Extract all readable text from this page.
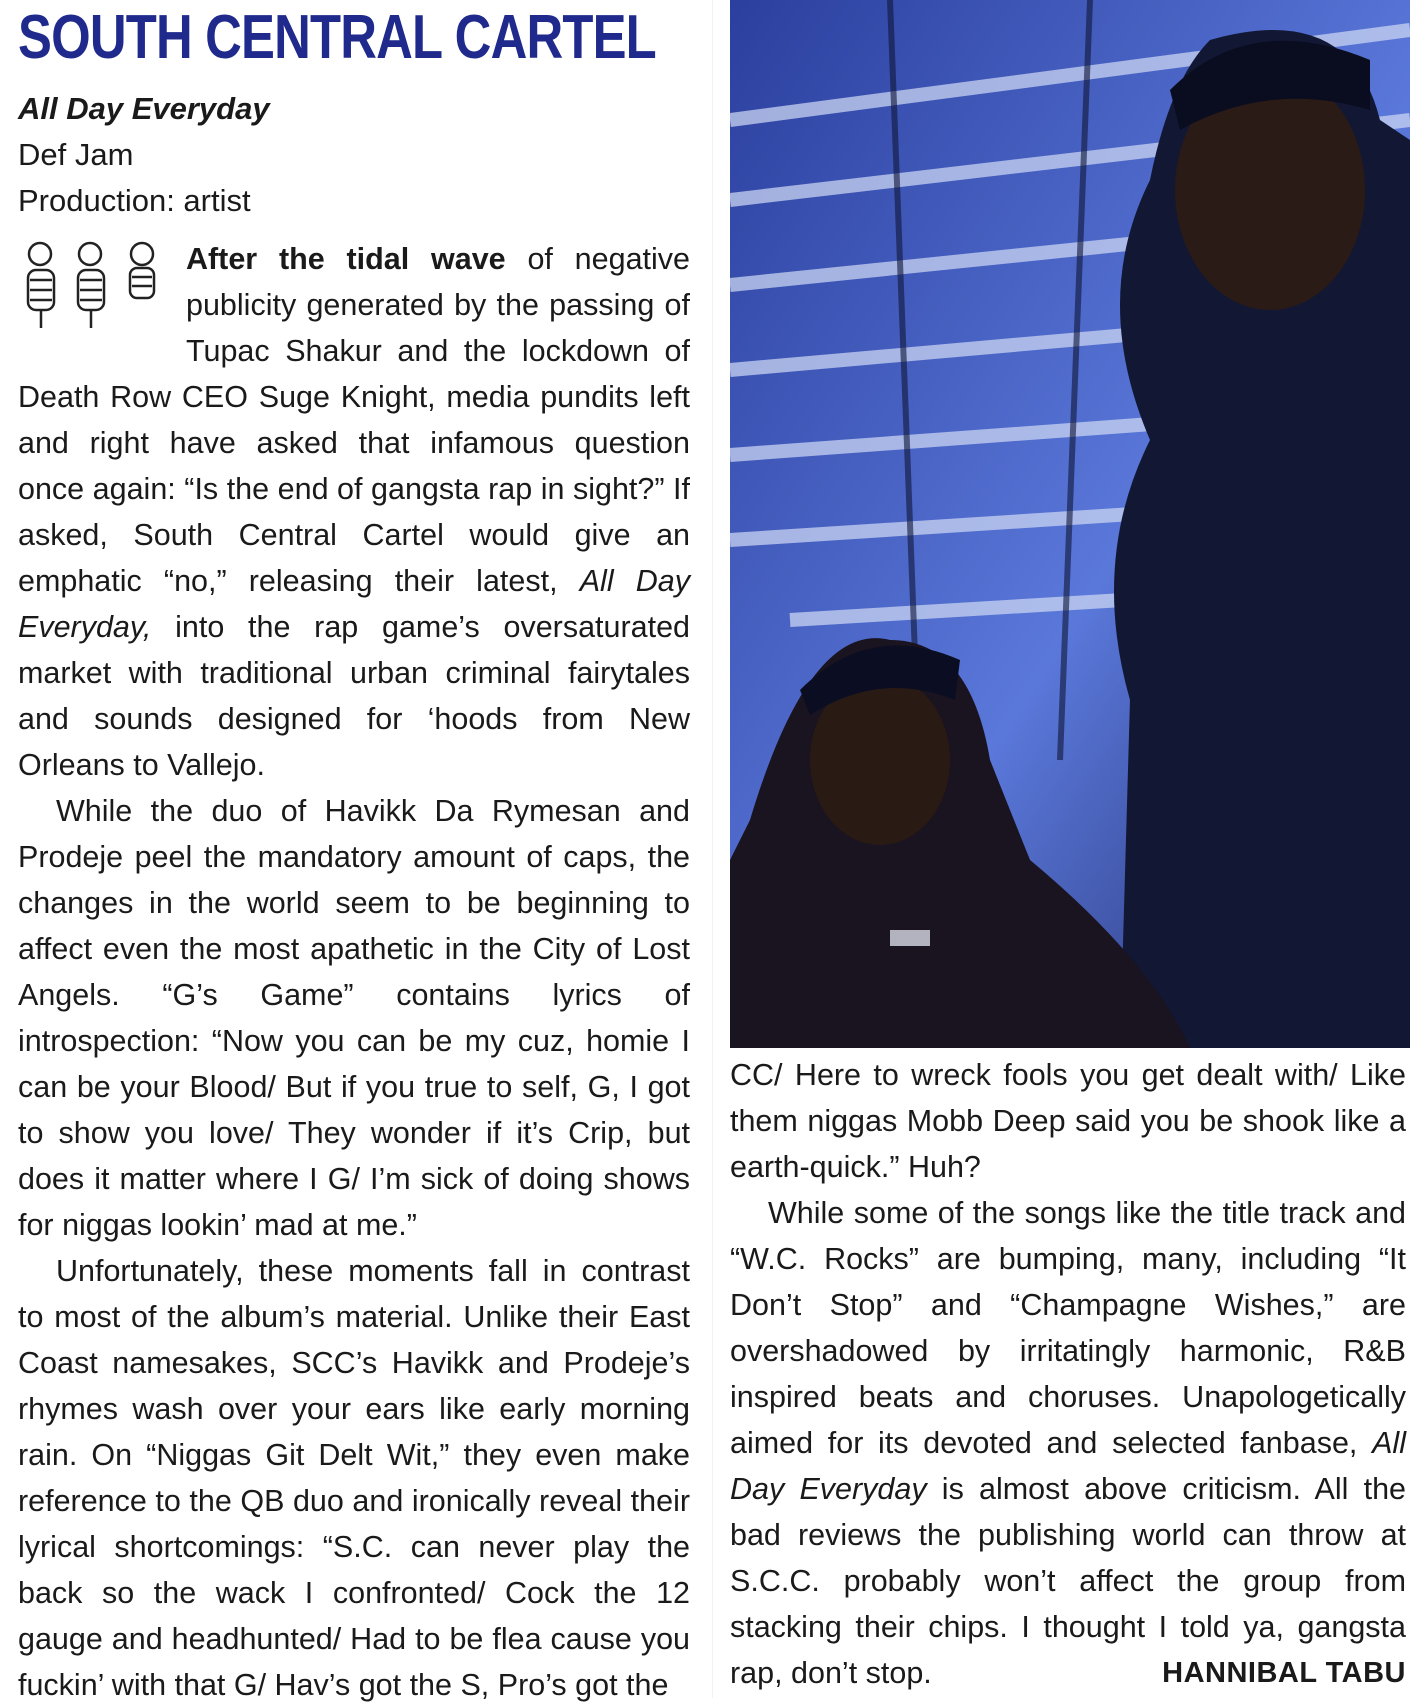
SOUTH CENTRAL CARTEL
All Day Everyday
Def Jam
Production: artist

After the tidal wave of negative publicity generated by the passing of Tupac Shakur and the lockdown of Death Row CEO Suge Knight, media pundits left and right have asked that infamous question once again: “Is the end of gangsta rap in sight?” If asked, South Central Cartel would give an emphatic “no,” releasing their latest, All Day Everyday, into the rap game’s oversaturated market with traditional urban criminal fairytales and sounds designed for ‘hoods from New Orleans to Vallejo.

While the duo of Havikk Da Rymesan and Prodeje peel the mandatory amount of caps, the changes in the world seem to be beginning to affect even the most apathetic in the City of Lost Angels. “G’s Game” contains lyrics of introspection: “Now you can be my cuz, homie I can be your Blood/ But if you true to self, G, I got to show you love/ They wonder if it’s Crip, but does it matter where I G/ I’m sick of doing shows for niggas lookin’ mad at me.”

Unfortunately, these moments fall in contrast to most of the album’s material. Unlike their East Coast namesakes, SCC’s Havikk and Prodeje’s rhymes wash over your ears like early morning rain. On “Niggas Git Delt Wit,” they even make reference to the QB duo and ironically reveal their lyrical shortcomings: “S.C. can never play the back so the wack I confronted/ Cock the 12 gauge and headhunted/ Had to be flea cause you fuckin’ with that G/ Hav’s got the S, Pro’s got the

CC/ Here to wreck fools you get dealt with/ Like them niggas Mobb Deep said you be shook like a earth-quick.” Huh?

While some of the songs like the title track and “W.C. Rocks” are bumping, many, including “It Don’t Stop” and “Champagne Wishes,” are overshadowed by irritatingly harmonic, R&B inspired beats and choruses. Unapologetically aimed for its devoted and selected fanbase, All Day Everyday is almost above criticism. All the bad reviews the publishing world can throw at S.C.C. probably won’t affect the group from stacking their chips. I thought I told ya, gangsta rap, don’t stop.	HANNIBAL TABU
